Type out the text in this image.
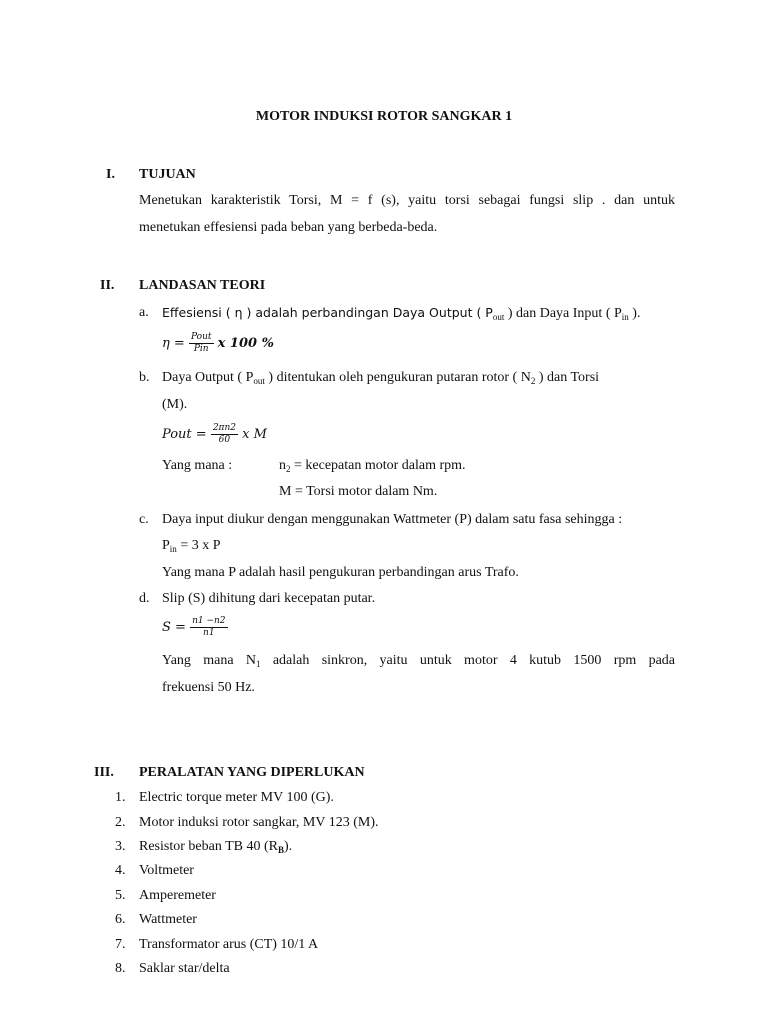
MOTOR INDUKSI ROTOR SANGKAR 1
I. TUJUAN
Menetukan karakteristik Torsi, M = f (s), yaitu torsi sebagai fungsi slip . dan untuk
menetukan effesiensi pada beban yang berbeda-beda.
II. LANDASAN TEORI
a. Effesiensi ( η ) adalah perbandingan Daya Output ( $P_{out}$ ) dan Daya Input ( $P_{in}$ ).
$\eta = \frac{\text{Pout}}{\text{Pin}}$ x 100 %
b. Daya Output ( $P_{out}$ ) ditentukan oleh pengukuran putaran rotor ( $N_2$ ) dan Torsi
(M).
Pout = $\frac{2\pi n2}{60}$ x M
Yang mana :	$n_2$ = kecepatan motor dalam rpm.
M = Torsi motor dalam Nm.
c. Daya input diukur dengan menggunakan Wattmeter (P) dalam satu fasa sehingga :
$P_{in} = 3$ x P
Yang mana P adalah hasil pengukuran perbandingan arus Trafo.
d. Slip (S) dihitung dari kecepatan putar.
$S = \frac{n1 -n2}{n1}$
Yang mana $N_1$ adalah sinkron, yaitu untuk motor 4 kutub 1500 rpm pada
frekuensi 50 Hz.
III. PERALATAN YANG DIPERLUKAN
1. Electric torque meter MV 100 (G).
2. Motor induksi rotor sangkar, MV 123 (M).
3. Resistor beban TB 40 $(R_B)$.
4. Voltmeter
5. Amperemeter
6. Wattmeter
7. Transformator arus (CT) 10/1 A
8. Saklar star/delta
